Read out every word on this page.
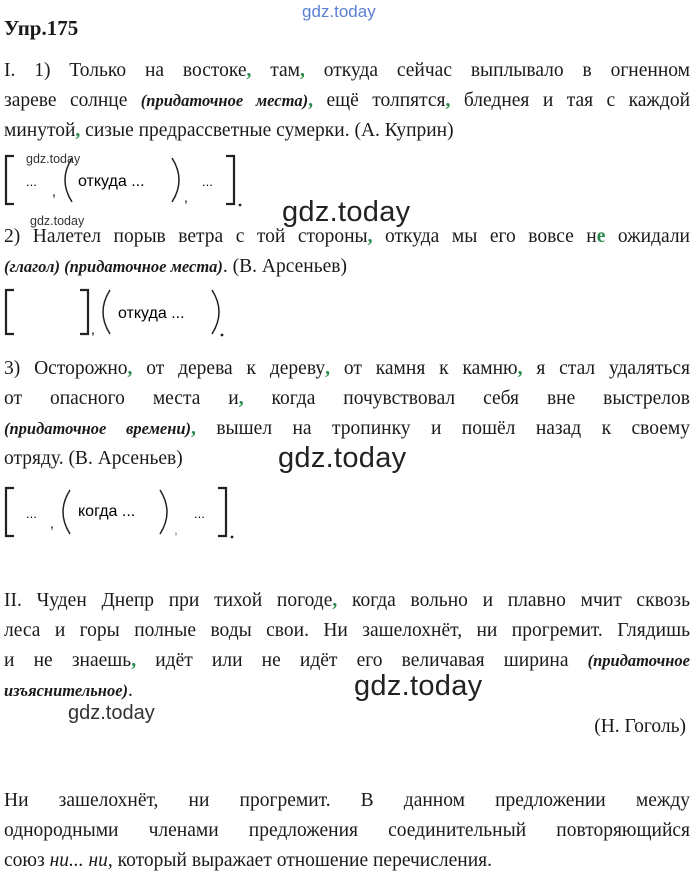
gdz.today
Упр.175
I. 1) Только на востоке, там, откуда сейчас выплывало в огненном
зареве солнце (придаточное места), ещё толпятся, бледнея и тая с каждой
минутой, сизые предрассветные сумерки. (А. Куприн)
...
,
откуда ...
,
...
gdz.today
gdz.today
gdz.today
2) Налетел порыв ветра с той стороны, откуда мы его вовсе не ожидали
(глагол) (придаточное места). (В. Арсеньев)
,
откуда ...
3) Осторожно, от дерева к дереву, от камня к камню, я стал удаляться
от опасного места и, когда почувствовал себя вне выстрелов
(придаточное времени), вышел на тропинку и пошёл назад к своему
отряду. (В. Арсеньев)	gdz.today
...
,
когда ...
,
...
II. Чуден Днепр при тихой погоде, когда вольно и плавно мчит сквозь
леса и горы полные воды свои. Ни зашелохнёт, ни прогремит. Глядишь
и не знаешь, идёт или не идёт его величавая ширина (придаточное
изъяснительное).	gdz.today
gdz.today
(Н. Гоголь)
Ни зашелохнёт, ни прогремит. В данном предложении между
однородными членами предложения соединительный повторяющийся
союз ни... ни, который выражает отношение перечисления.
